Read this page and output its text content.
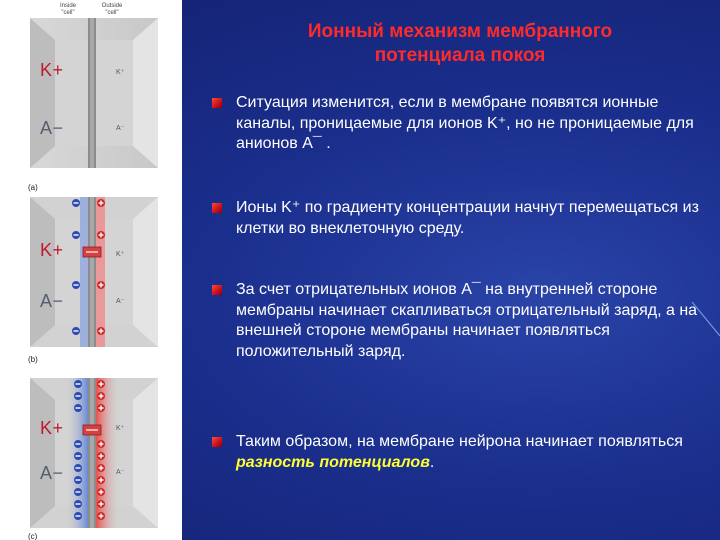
Inside
"cell"
Outside
"cell"
K+
A−
K⁺
A⁻
(a)
K+
A−
K⁺
A⁻
(b)
K+
A−
K⁺
A⁻
(c)
Ионный механизм мембранного
потенциала покоя
Ситуация изменится, если в мембране появятся ионные каналы, проницаемые для ионов K⁺, но не проницаемые для анионов A¯ .
Ионы K⁺ по градиенту концентрации начнут перемещаться из клетки во внеклеточную среду.
За счет отрицательных ионов A¯ на внутренней стороне мембраны начинает скапливаться отрицательный заряд, а на внешней стороне мембраны начинает появляться положительный заряд.
Таким образом, на мембране нейрона начинает появляться разность потенциалов.
